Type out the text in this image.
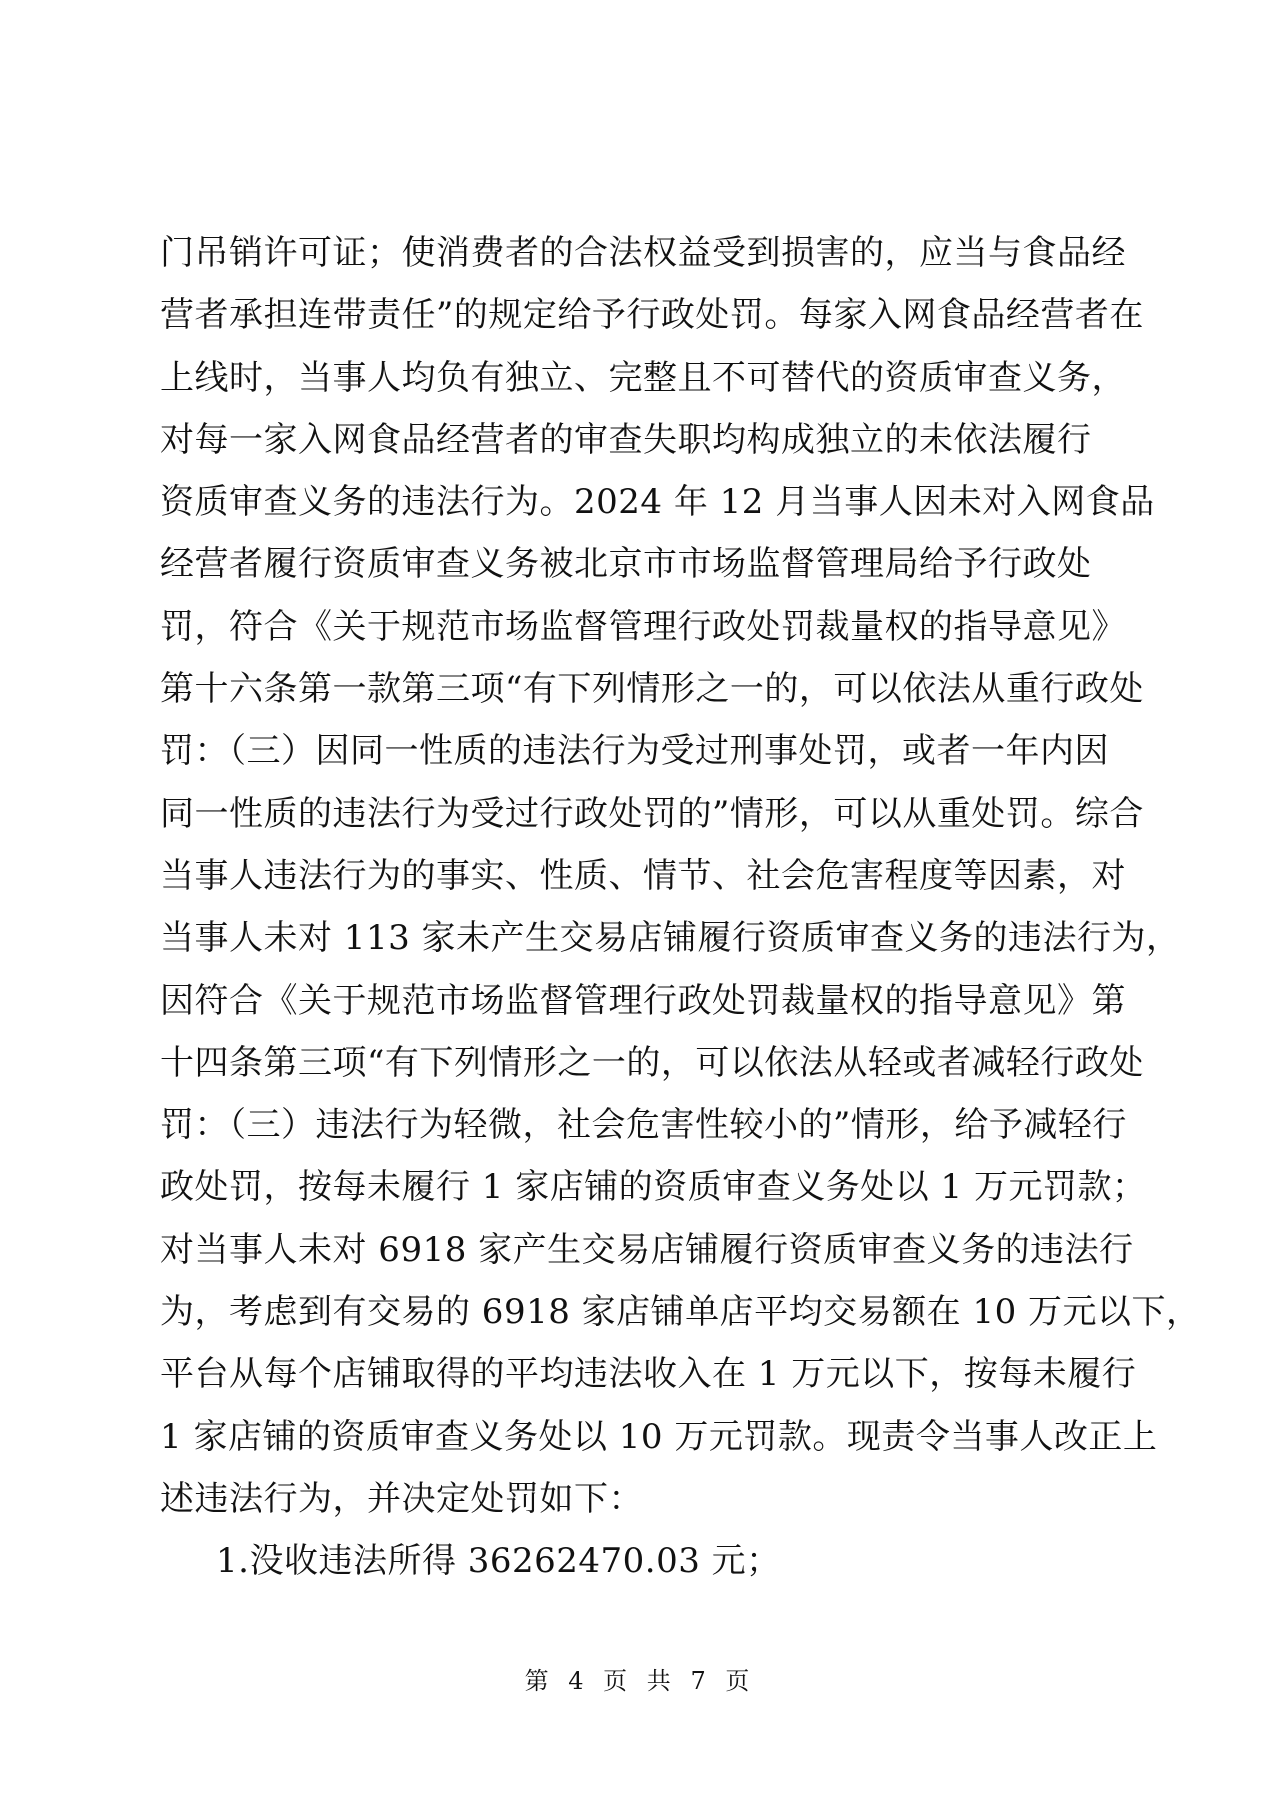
门吊销许可证；使消费者的合法权益受到损害的，应当与食品经
营者承担连带责任”的规定给予行政处罚。每家入网食品经营者在
上线时，当事人均负有独立、完整且不可替代的资质审查义务，
对每一家入网食品经营者的审查失职均构成独立的未依法履行
资质审查义务的违法行为。2024 年 12 月当事人因未对入网食品
经营者履行资质审查义务被北京市市场监督管理局给予行政处
罚，符合《关于规范市场监督管理行政处罚裁量权的指导意见》
第十六条第一款第三项“有下列情形之一的，可以依法从重行政处
罚：（三）因同一性质的违法行为受过刑事处罚，或者一年内因
同一性质的违法行为受过行政处罚的”情形，可以从重处罚。综合
当事人违法行为的事实、性质、情节、社会危害程度等因素，对
当事人未对 113 家未产生交易店铺履行资质审查义务的违法行为，
因符合《关于规范市场监督管理行政处罚裁量权的指导意见》第
十四条第三项“有下列情形之一的，可以依法从轻或者减轻行政处
罚：（三）违法行为轻微，社会危害性较小的”情形，给予减轻行
政处罚，按每未履行 1 家店铺的资质审查义务处以 1 万元罚款；
对当事人未对 6918 家产生交易店铺履行资质审查义务的违法行
为，考虑到有交易的 6918 家店铺单店平均交易额在 10 万元以下，
平台从每个店铺取得的平均违法收入在 1 万元以下，按每未履行
1 家店铺的资质审查义务处以 10 万元罚款。现责令当事人改正上
述违法行为，并决定处罚如下：
1.没收违法所得 36262470.03 元；
第 4 页 共 7 页
